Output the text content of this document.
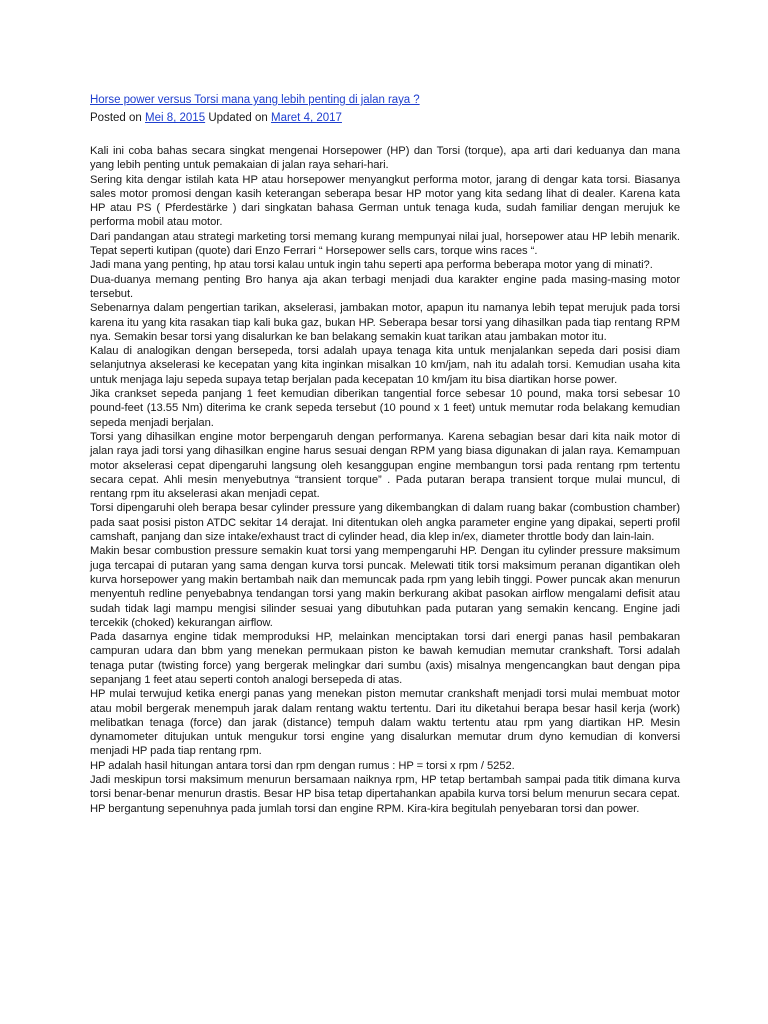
Horse power versus Torsi mana yang lebih penting di jalan raya ?
Posted on Mei 8, 2015 Updated on Maret 4, 2017

Kali ini coba bahas secara singkat mengenai Horsepower (HP) dan Torsi (torque), apa arti dari keduanya dan mana yang lebih penting untuk pemakaian di jalan raya sehari-hari.

Sering kita dengar istilah kata HP atau horsepower menyangkut performa motor, jarang di dengar kata torsi. Biasanya sales motor promosi dengan kasih keterangan seberapa besar HP motor yang kita sedang lihat di dealer. Karena kata HP atau PS ( Pferdestärke ) dari singkatan bahasa German untuk tenaga kuda, sudah familiar dengan merujuk ke performa mobil atau motor.

Dari pandangan atau strategi marketing torsi memang kurang mempunyai nilai jual, horsepower atau HP lebih menarik. Tepat seperti kutipan (quote) dari Enzo Ferrari “ Horsepower sells cars, torque wins races “.

Jadi mana yang penting, hp atau torsi kalau untuk ingin tahu seperti apa performa beberapa motor yang di minati?.

Dua-duanya memang penting Bro hanya aja akan terbagi menjadi dua karakter engine pada masing-masing motor tersebut.

Sebenarnya dalam pengertian tarikan, akselerasi, jambakan motor, apapun itu namanya lebih tepat merujuk pada torsi karena itu yang kita rasakan tiap kali buka gaz, bukan HP. Seberapa besar torsi yang dihasilkan pada tiap rentang RPM nya. Semakin besar torsi yang disalurkan ke ban belakang semakin kuat tarikan atau jambakan motor itu.

Kalau di analogikan dengan bersepeda, torsi adalah upaya tenaga kita untuk menjalankan sepeda dari posisi diam selanjutnya akselerasi ke kecepatan yang kita inginkan misalkan 10 km/jam, nah itu adalah torsi. Kemudian usaha kita untuk menjaga laju sepeda supaya tetap berjalan pada kecepatan 10 km/jam itu bisa diartikan horse power.

Jika crankset sepeda panjang 1 feet kemudian diberikan tangential force sebesar 10 pound, maka torsi sebesar 10 pound-feet (13.55 Nm) diterima ke crank sepeda tersebut (10 pound x 1 feet) untuk memutar roda belakang kemudian sepeda menjadi berjalan.

Torsi yang dihasilkan engine motor berpengaruh dengan performanya. Karena sebagian besar dari kita naik motor di jalan raya jadi torsi yang dihasilkan engine harus sesuai dengan RPM yang biasa digunakan di jalan raya. Kemampuan motor akselerasi cepat dipengaruhi langsung oleh kesanggupan engine membangun torsi pada rentang rpm tertentu secara cepat. Ahli mesin menyebutnya “transient torque” . Pada putaran berapa transient torque mulai muncul, di rentang rpm itu akselerasi akan menjadi cepat.

Torsi dipengaruhi oleh berapa besar cylinder pressure yang dikembangkan di dalam ruang bakar (combustion chamber) pada saat posisi piston ATDC sekitar 14 derajat. Ini ditentukan oleh angka parameter engine yang dipakai, seperti profil camshaft, panjang dan size intake/exhaust tract di cylinder head, dia klep in/ex, diameter throttle body dan lain-lain.

Makin besar combustion pressure semakin kuat torsi yang mempengaruhi HP. Dengan itu cylinder pressure maksimum juga tercapai di putaran yang sama dengan kurva torsi puncak. Melewati titik torsi maksimum peranan digantikan oleh kurva horsepower yang makin bertambah naik dan memuncak pada rpm yang lebih tinggi. Power puncak akan menurun menyentuh redline penyebabnya tendangan torsi yang makin berkurang akibat pasokan airflow mengalami defisit atau sudah tidak lagi mampu mengisi silinder sesuai yang dibutuhkan pada putaran yang semakin kencang. Engine jadi tercekik (choked) kekurangan airflow.

Pada dasarnya engine tidak memproduksi HP, melainkan menciptakan torsi dari energi panas hasil pembakaran campuran udara dan bbm yang menekan permukaan piston ke bawah kemudian memutar crankshaft. Torsi adalah tenaga putar (twisting force) yang bergerak melingkar dari sumbu (axis) misalnya mengencangkan baut dengan pipa sepanjang 1 feet atau seperti contoh analogi bersepeda di atas.

HP mulai terwujud ketika energi panas yang menekan piston memutar crankshaft menjadi torsi mulai membuat motor atau mobil bergerak menempuh jarak dalam rentang waktu tertentu. Dari itu diketahui berapa besar hasil kerja (work) melibatkan tenaga (force) dan jarak (distance) tempuh dalam waktu tertentu atau rpm yang diartikan HP. Mesin dynamometer ditujukan untuk mengukur torsi engine yang disalurkan memutar drum dyno kemudian di konversi menjadi HP pada tiap rentang rpm.

HP adalah hasil hitungan antara torsi dan rpm dengan rumus : HP = torsi x rpm / 5252.

Jadi meskipun torsi maksimum menurun bersamaan naiknya rpm, HP tetap bertambah sampai pada titik dimana kurva torsi benar-benar menurun drastis. Besar HP bisa tetap dipertahankan apabila kurva torsi belum menurun secara cepat. HP bergantung sepenuhnya pada jumlah torsi dan engine RPM. Kira-kira begitulah penyebaran torsi dan power.
